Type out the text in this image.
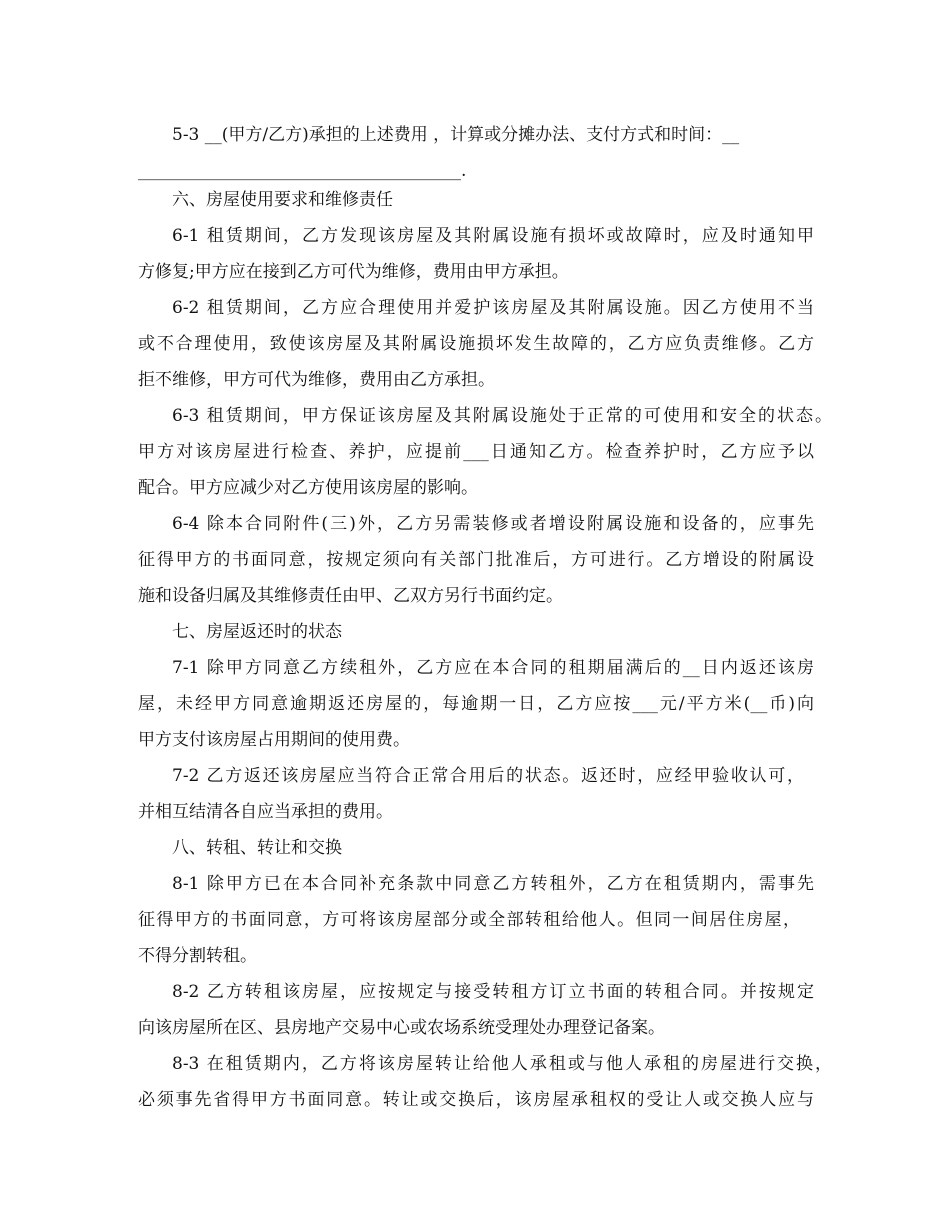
5-3 __(甲方/乙方)承担的上述费用 ，计算或分摊办法、支付方式和时间：__
______________________________________.
六、房屋使用要求和维修责任
6-1 租赁期间，乙方发现该房屋及其附属设施有损坏或故障时，应及时通知甲
方修复;甲方应在接到乙方可代为维修，费用由甲方承担。
6-2 租赁期间，乙方应合理使用并爱护该房屋及其附属设施。因乙方使用不当
或不合理使用，致使该房屋及其附属设施损坏发生故障的，乙方应负责维修。乙方
拒不维修，甲方可代为维修，费用由乙方承担。
6-3 租赁期间，甲方保证该房屋及其附属设施处于正常的可使用和安全的状态。
甲方对该房屋进行检查、养护，应提前___日通知乙方。检查养护时，乙方应予以
配合。甲方应减少对乙方使用该房屋的影响。
6-4 除本合同附件(三)外，乙方另需装修或者增设附属设施和设备的，应事先
征得甲方的书面同意，按规定须向有关部门批准后，方可进行。乙方增设的附属设
施和设备归属及其维修责任由甲、乙双方另行书面约定。
七、房屋返还时的状态
7-1 除甲方同意乙方续租外，乙方应在本合同的租期届满后的__日内返还该房
屋，未经甲方同意逾期返还房屋的，每逾期一日，乙方应按___元/平方米(__币)向
甲方支付该房屋占用期间的使用费。
7-2 乙方返还该房屋应当符合正常合用后的状态。返还时，应经甲验收认可，
并相互结清各自应当承担的费用。
八、转租、转让和交换
8-1 除甲方已在本合同补充条款中同意乙方转租外，乙方在租赁期内，需事先
征得甲方的书面同意，方可将该房屋部分或全部转租给他人。但同一间居住房屋，
不得分割转租。
8-2 乙方转租该房屋，应按规定与接受转租方订立书面的转租合同。并按规定
向该房屋所在区、县房地产交易中心或农场系统受理处办理登记备案。
8-3 在租赁期内，乙方将该房屋转让给他人承租或与他人承租的房屋进行交换，
必须事先省得甲方书面同意。转让或交换后，该房屋承租权的受让人或交换人应与
